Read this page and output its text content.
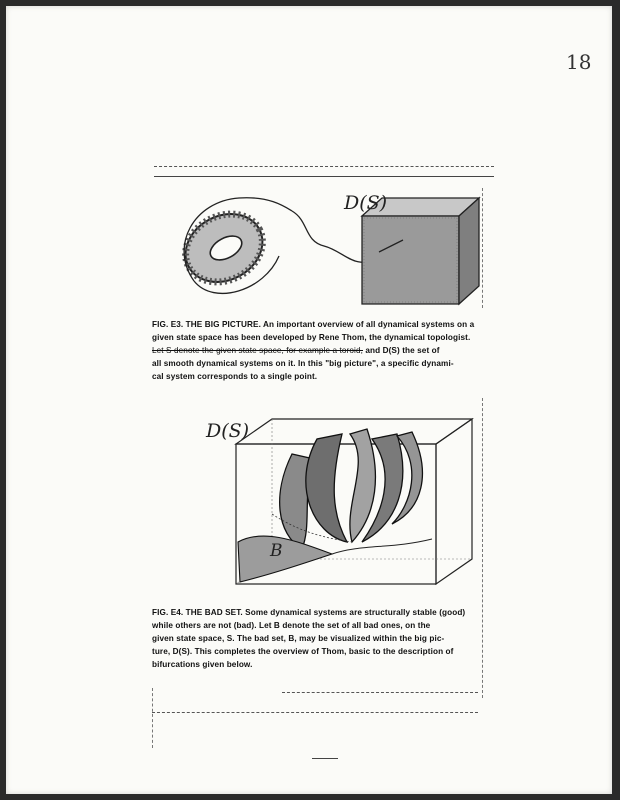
18
D(S)
FIG. E3. THE BIG PICTURE. An important overview of all dynamical systems on a
given state space has been developed by Rene Thom, the dynamical topologist.
Let S denote the given state space, for example a toroid, and D(S) the set of
all smooth dynamical systems on it. In this "big picture", a specific dynami-
cal system corresponds to a single point.
D(S)
B
FIG. E4. THE BAD SET. Some dynamical systems are structurally stable (good)
while others are not (bad). Let B denote the set of all bad ones, on the
given state space, S. The bad set, B, may be visualized within the big pic-
ture, D(S). This completes the overview of Thom, basic to the description of
bifurcations given below.
